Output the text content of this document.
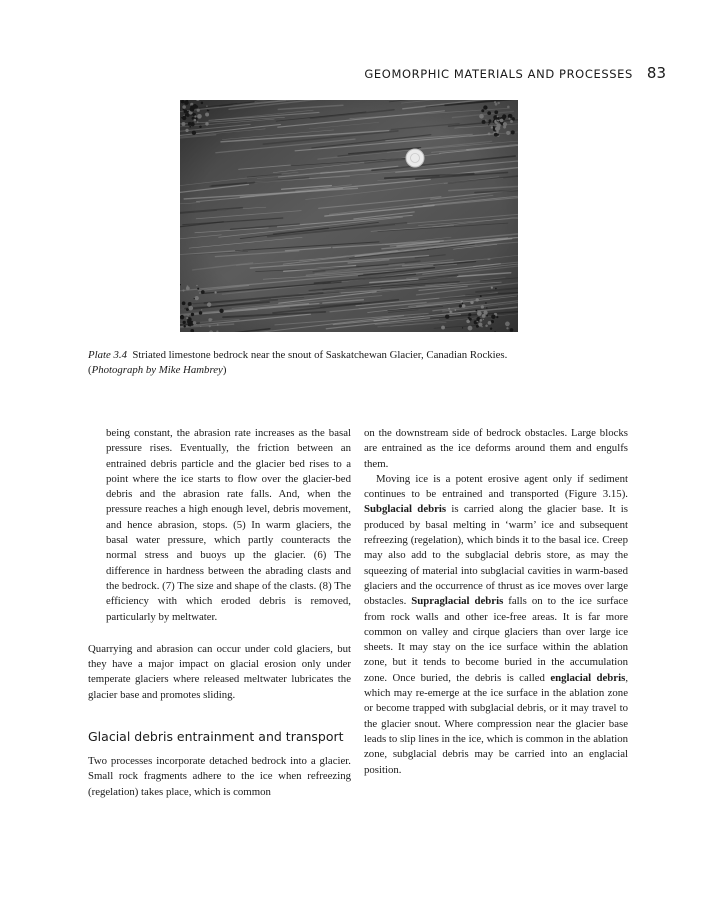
GEOMORPHIC MATERIALS AND PROCESSES 83

Plate 3.4 Striated limestone bedrock near the snout of Saskatchewan Glacier, Canadian Rockies.

(Photograph by Mike Hambrey)

being constant, the abrasion rate increases as the basal pressure rises. Eventually, the friction between an entrained debris particle and the glacier bed rises to a point where the ice starts to flow over the glacier-bed debris and the abrasion rate falls. And, when the pressure reaches a high enough level, debris movement, and hence abrasion, stops. (5) In warm glaciers, the basal water pressure, which partly counteracts the normal stress and buoys up the glacier. (6) The difference in hardness between the abrading clasts and the bedrock. (7) The size and shape of the clasts. (8) The efficiency with which eroded debris is removed, particularly by meltwater.

Quarrying and abrasion can occur under cold glaciers, but they have a major impact on glacial erosion only under temperate glaciers where released meltwater lubricates the glacier base and promotes sliding.

Glacial debris entrainment and transport

Two processes incorporate detached bedrock into a glacier. Small rock fragments adhere to the ice when refreezing (regelation) takes place, which is common

on the downstream side of bedrock obstacles. Large blocks are entrained as the ice deforms around them and engulfs them.

Moving ice is a potent erosive agent only if sediment continues to be entrained and transported (Figure 3.15). Subglacial debris is carried along the glacier base. It is produced by basal melting in ‘warm’ ice and subsequent refreezing (regelation), which binds it to the basal ice. Creep may also add to the subglacial debris store, as may the squeezing of material into subglacial cavities in warm-based glaciers and the occurrence of thrust as ice moves over large obstacles. Supraglacial debris falls on to the ice surface from rock walls and other ice-free areas. It is far more common on valley and cirque glaciers than over large ice sheets. It may stay on the ice surface within the ablation zone, but it tends to become buried in the accumulation zone. Once buried, the debris is called englacial debris, which may re-emerge at the ice surface in the ablation zone or become trapped with subglacial debris, or it may travel to the glacier snout. Where compression near the glacier base leads to slip lines in the ice, which is common in the ablation zone, subglacial debris may be carried into an englacial position.
